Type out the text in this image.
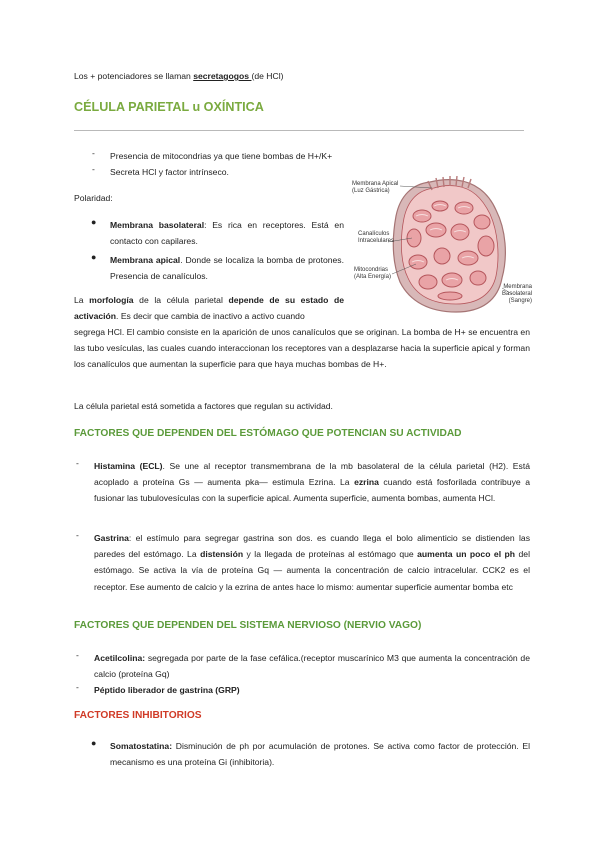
Los + potenciadores se llaman secretagogos (de HCl)
CÉLULA PARIETAL u OXÍNTICA
-	Presencia de mitocondrias ya que tiene bombas de H+/K+
-	Secreta HCl y factor intrínseco.
Polaridad:
● Membrana basolateral: Es rica en receptores. Está en contacto con capilares.
● Membrana apical. Donde se localiza la bomba de protones. Presencia de canalículos.
Membrana Apical
(Luz Gástrica)
Canalículos
Intracelulares
Mitocondrias
(Alta Energía)
Membrana
Basolateral
(Sangre)
La morfología de la célula parietal depende de su estado de activación. Es decir que cambia de inactivo a activo cuando
segrega HCl. El cambio consiste en la aparición de unos canalículos que se originan. La bomba de H+ se encuentra en las tubo vesículas, las cuales cuando interaccionan los receptores van a desplazarse hacia la superficie apical y forman los canalículos que aumentan la superficie para que haya muchas bombas de H+.
La célula parietal está sometida a factores que regulan su actividad.
FACTORES QUE DEPENDEN DEL ESTÓMAGO QUE POTENCIAN SU ACTIVIDAD
-	Histamina (ECL). Se une al receptor transmembrana de la mb basolateral de la célula parietal (H2). Está acoplado a proteína Gs — aumenta pka— estimula Ezrina. La ezrina cuando está fosforilada contribuye a fusionar las tubulovesículas con la superficie apical. Aumenta superficie, aumenta bombas, aumenta HCl.
-	Gastrina: el estímulo para segregar gastrina son dos. es cuando llega el bolo alimenticio se distienden las paredes del estómago. La distensión y la llegada de proteínas al estómago que aumenta un poco el ph del estómago. Se activa la vía de proteína Gq — aumenta la concentración de calcio intracelular. CCK2 es el receptor. Ese aumento de calcio y la ezrina de antes hace lo mismo: aumentar superficie aumentar bomba etc
FACTORES QUE DEPENDEN DEL SISTEMA NERVIOSO (NERVIO VAGO)
-	Acetilcolina: segregada por parte de la fase cefálica.(receptor muscarínico M3 que aumenta la concentración de calcio (proteína Gq)
-	Péptido liberador de gastrina (GRP)
FACTORES INHIBITORIOS
● Somatostatina: Disminución de ph por acumulación de protones. Se activa como factor de protección. El mecanismo es una proteína Gi (inhibitoria).
